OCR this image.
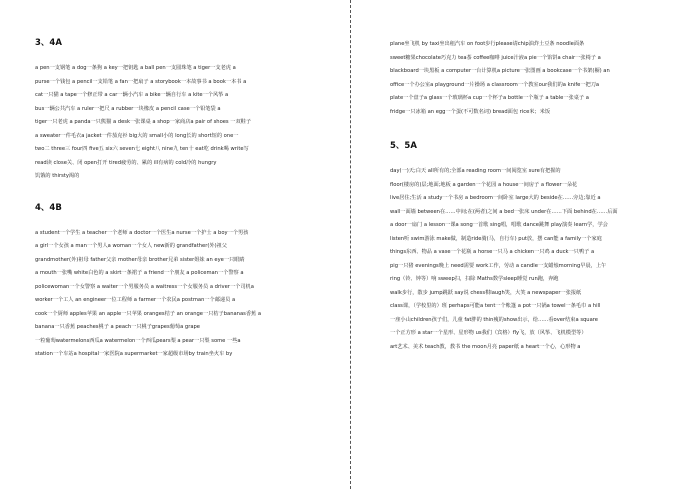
3、4A
a pen一支钢笔 a dog一条狗 a key一把钥匙 a ball pen一支圆珠笔 a tiger一支老虎 a
purse一个钱包 a pencil一支铅笔 a fan一把扇子 a storybook一本故事书 a book一本书 a
cat一只猫 a tape一个修正带 a car一辆小汽车 a bike一辆自行车 a kite一个风筝 a
bus一辆公共汽车 a ruler一把尺 a rubber一块橡皮 a pencil case一个铅笔袋 a
tiger一只老虎 a panda一只熊猫 a desk一张课桌 a shop一家商店a pair of shoes 一双鞋子
a sweater一件毛衣a jacket一件茄克衫 big大的 small小的 long长的 short短的 one一
two二 three三 four四 five五 six六 seven七 eight八 nine九 ten十 eat吃 drink喝 write写
read读 close关、闭 open打开 tired疲劳的、累的 ill有病的 cold冷的 hungry
饥饿的 thirsty渴的
4、4B
a student一个学生 a teacher一个老师 a doctor一个医生a nurse一个护士 a boy一个男孩
a girl一个女孩 a man一个男人a woman一个女人 new新的 grandfather(外)祖父
grandmother(外)祖母 father父亲 mother母亲 brother兄弟 sister姐妹 an eye一只眼睛
a mouth一张嘴 white白色的 a skirt一条裙子 a friend一个朋友 a policeman一个警察 a
policewoman一个女警察 a waiter一个男服务员 a waitress一个女服务员 a driver一个司机a
worker一个工人 an engineer一位工程师 a farmer一个农民a postman一个邮递员 a
cook一个厨师 apples苹果 an apple一只苹果 oranges桔子 an orange一只桔子bananas香蕉 a
banana一只香蕉 peaches桃子 a peach一只桃子grapes葡萄a grape
一粒葡萄watermelons西瓜a watermelon一个西瓜pears梨 a pear一只梨 some 一些a
station一个车站a hospital一家医院a supermarket一家超级市场by train坐火车 by
plane坐飞机 by taxi坐出租汽车 on foot步行please请chip油炸土豆条 noodle面条
sweet糖果chocolate巧克力 tea茶 coffee咖啡 juice汁液a pie一个馅饼a chair一张椅子 a
blackboard一块黑板 a computer一台计算机a picture一张图画 a bookcase一个书架(橱) an
office一个办公室a playground一片操场 a classroom一个教室our我们的a knife一把刀a
plate一个盘子a glass一个玻璃杯a cup一个杯子a bottle一个瓶子 a table一张桌子 a
fridge一只冰箱 an egg一个蛋(不可数名词) bread面包 rice米；米饭
5、5A
day(一)天;白天 all所有的;全部a reading room一间阅览室 sure有把握的
floor(楼房的)层;地面;地板 a garden一个花园 a house一间房子 a flower一朵花
live居住;生活 a study一个书房 a bedroom一间卧室 large大的 beside在……旁边;靠近 a
wall一面墙 between在……中间;在(两者)之间 a bed一张床 under在……下面 behind在……后面
a door一扇门 a lesson一课a song一首歌 sing唱，唱歌 dance跳舞 play演奏 learn学，学会
listen听 swim游泳 make做，制造ride骑(马，自行车) put放，摆 can能 a family一个家庭
things东西、物品 a vase一个花瓶 a horse一只马 a chicken一只鸡 a duck一只鸭子 a
pig一只猪 evenings晚上 need需要 work工作，劳动 a candle一支蜡烛morning早晨，上午
ring（铃、钟等）响 sweep扫，扫除 Maths数学sleep睡觉 run跑，奔跑
walk步行，散步 jump跳跃 say说 chess棋laugh笑，大笑 a newspaper一张报纸
class课，（学校里的）班 perhaps可能a tent一个帐篷 a pot一只锅a towel一条毛巾 a hill
一座小山children孩子们，儿童 fat胖的 thin瘦的show出示，给……看over结束a square
一个正方形 a star一个星形、星形物 us我们（宾格）fly飞，放（风筝、飞机模型等）
art艺术、美术 teach教，教书 the moon月亮 paper纸 a heart一个心，心形物 a
